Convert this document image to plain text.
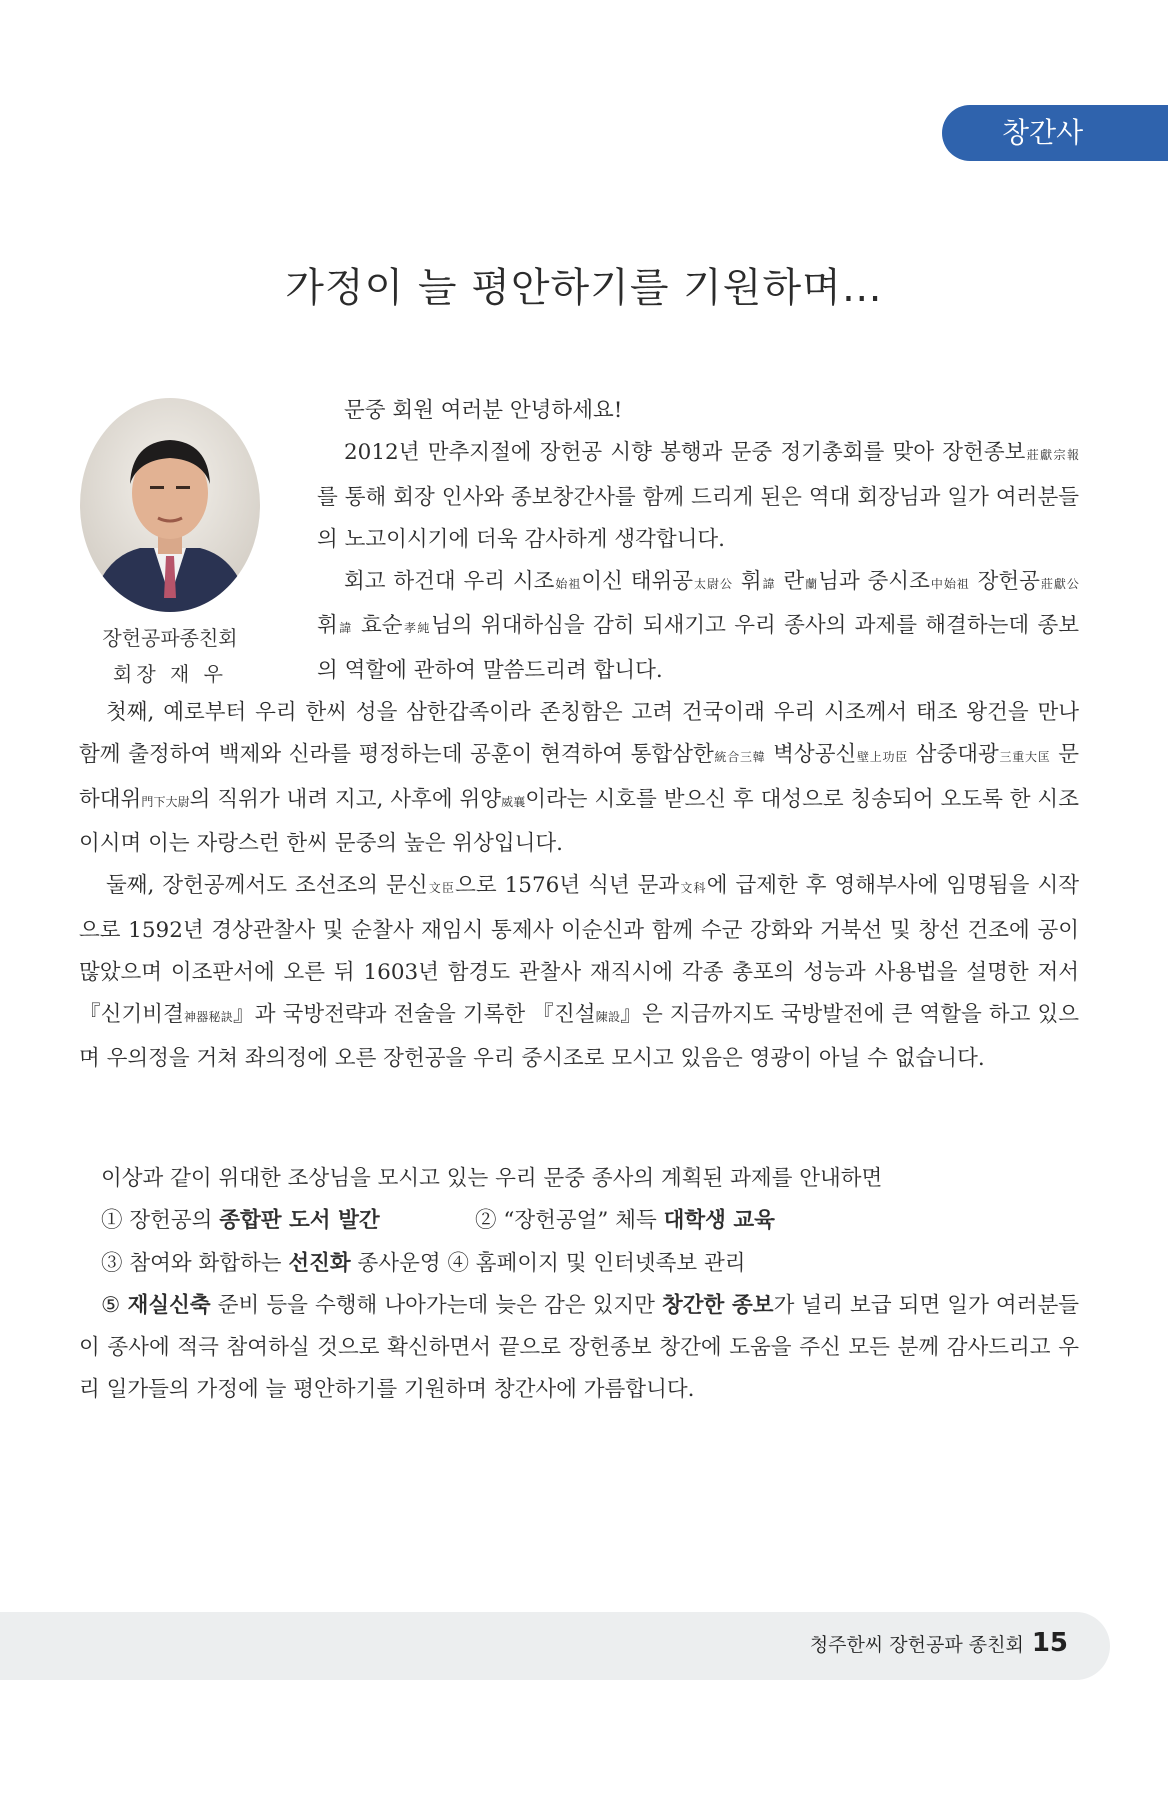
창간사
가정이 늘 평안하기를 기원하며…
장헌공파종친회
회장 재 우

문중 회원 여러분 안녕하세요!

2012년 만추지절에 장헌공 시향 봉행과 문중 정기총회를 맞아 장헌종보莊獻宗報를 통해 회장 인사와 종보창간사를 함께 드리게 된은 역대 회장님과 일가 여러분들의 노고이시기에 더욱 감사하게 생각합니다.

회고 하건대 우리 시조始祖이신 태위공太尉公 휘諱 란蘭님과 중시조中始祖 장헌공莊獻公 휘諱 효순孝純님의 위대하심을 감히 되새기고 우리 종사의 과제를 해결하는데 종보의 역할에 관하여 말씀드리려 합니다.

첫째, 예로부터 우리 한씨 성을 삼한갑족이라 존칭함은 고려 건국이래 우리 시조께서 태조 왕건을 만나 함께 출정하여 백제와 신라를 평정하는데 공훈이 현격하여 통합삼한統合三韓 벽상공신壁上功臣 삼중대광三重大匡 문하대위門下大尉의 직위가 내려 지고, 사후에 위양威襄이라는 시호를 받으신 후 대성으로 칭송되어 오도록 한 시조이시며 이는 자랑스런 한씨 문중의 높은 위상입니다.

둘째, 장헌공께서도 조선조의 문신文臣으로 1576년 식년 문과文科에 급제한 후 영해부사에 임명됨을 시작으로 1592년 경상관찰사 및 순찰사 재임시 통제사 이순신과 함께 수군 강화와 거북선 및 창선 건조에 공이 많았으며 이조판서에 오른 뒤 1603년 함경도 관찰사 재직시에 각종 총포의 성능과 사용법을 설명한 저서 『신기비결神器秘訣』과 국방전략과 전술을 기록한 『진설陳設』은 지금까지도 국방발전에 큰 역할을 하고 있으며 우의정을 거쳐 좌의정에 오른 장헌공을 우리 중시조로 모시고 있음은 영광이 아닐 수 없습니다.

이상과 같이 위대한 조상님을 모시고 있는 우리 문중 종사의 계획된 과제를 안내하면
① 장헌공의 종합판 도서 발간	② “장헌공얼” 체득 대학생 교육
③ 참여와 화합하는 선진화 종사운영 ④ 홈페이지 및 인터넷족보 관리

⑤ 재실신축 준비 등을 수행해 나아가는데 늦은 감은 있지만 창간한 종보가 널리 보급 되면 일가 여러분들이 종사에 적극 참여하실 것으로 확신하면서 끝으로 장헌종보 창간에 도움을 주신 모든 분께 감사드리고 우리 일가들의 가정에 늘 평안하기를 기원하며 창간사에 가름합니다.

청주한씨 장헌공파 종친회 15
